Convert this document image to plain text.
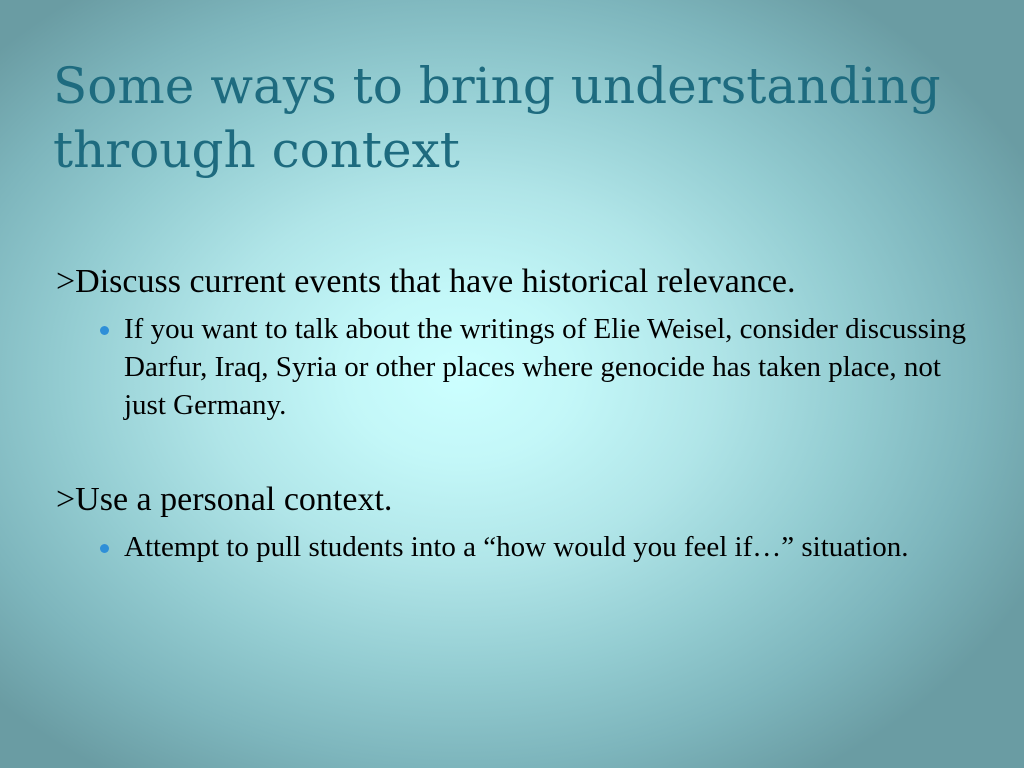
Some ways to bring understanding through context

>Discuss current events that have historical relevance.

If you want to talk about the writings of Elie Weisel, consider discussing Darfur, Iraq, Syria or other places where genocide has taken place, not just Germany.

>Use a personal context.

Attempt to pull students into a “how would you feel if…” situation.
